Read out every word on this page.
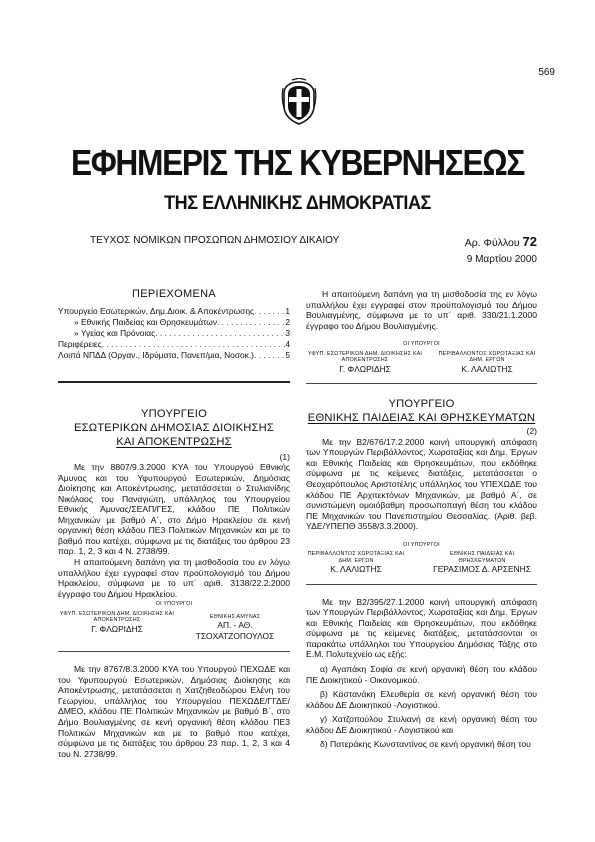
569
ΕΦΗΜΕΡΙΣ ΤΗΣ ΚΥΒΕΡΝΗΣΕΩΣ
ΤΗΣ ΕΛΛΗΝΙΚΗΣ ΔΗΜΟΚΡΑΤΙΑΣ
ΤΕΥΧΟΣ ΝΟΜΙΚΩΝ ΠΡΟΣΩΠΩΝ ΔΗΜΟΣΙΟΥ ΔΙΚΑΙΟΥ	Αρ. Φύλλου 72
9 Μαρτίου 2000

ΠΕΡΙΕΧΟΜΕΝΑ

Υπουργείο Εσωτερικών, Δημ.Διοικ. & Αποκέντρωσης . . .	1
» Εθνικής Παιδείας και Θρησκευμάτων . . .	2
» Υγείας και Πρόνοιας . . .	3
Περιφέρειες . . .	4
Λοιπά ΝΠΔΔ (Οργαν., Ιδρύματα, Πανεπ/μια, Νοσοκ.) . . .	5
ΥΠΟΥΡΓΕΙΟ
ΕΣΩΤΕΡΙΚΩΝ ΔΗΜΟΣΙΑΣ ΔΙΟΙΚΗΣΗΣ
ΚΑΙ ΑΠΟΚΕΝΤΡΩΣΗΣ

(1)

Με την 8807/9.3.2000 ΚΥΑ του Υπουργού Εθνικής Άμυνας και του Υφυπουργού Εσωτερικών, Δημόσιας Διοίκησης και Αποκέντρωσης, μετατάσσεται ο Στυλιανίδης Νικόλαος του Παναγιώτη, υπάλληλος του Υπουργείου Εθνικής Άμυνας/ΣΕΑΠ/ΓΕΣ, κλάδου ΠΕ Πολιτικών Μηχανικών με βαθμό Α΄, στο Δήμο Ηρακλείου σε κενή οργανική θέση κλάδου ΠΕ3 Πολιτικών Μηχανικών και με το βαθμό που κατέχει, σύμφωνα με τις διατάξεις του άρθρου 23 παρ. 1, 2, 3 και 4 Ν. 2738/99.

Η απαιτούμενη δαπάνη για τη μισθοδοσία του εν λόγω υπαλλήλου έχει εγγραφεί στον προϋπολογισμό του Δήμου Ηρακλείου, σύμφωνα με το υπ΄ αριθ. 3138/22.2.2000 έγγραφο του Δήμου Ηρακλείου.

ΟΙ ΥΠΟΥΡΓΟΙ

ΥΦΥΠ. ΕΣΩΤΕΡΙΚΩΝ ΔΗΜ. ΔΙΟΙΚΗΣΗΣ ΚΑΙ ΑΠΟΚΕΝΤΡΩΣΗΣ
Γ. ΦΛΩΡΙΔΗΣ
ΕΘΝΙΚΗΣ ΑΜΥΝΑΣ
ΑΠ. - ΑΘ. ΤΣΟΧΑΤΖΟΠΟΥΛΟΣ

Με την 8767/8.3.2000 ΚΥΑ του Υπουργού ΠΕΧΩΔΕ και του Υφυπουργού Εσωτερικών, Δημόσιας Διοίκησης και Αποκέντρωσης, μετατάσσεται η Χατζηθεοδώρου Ελένη του Γεωργίου, υπάλληλος του Υπουργείου ΠΕΧΩΔΕ/ΓΓΔΕ/ΔΜΕΟ, κλάδου ΠΕ Πολιτικών Μηχανικών με βαθμό Β΄, στο Δήμο Βουλιαγμένης σε κενή οργανική θέση κλάδου ΠΕ3 Πολιτικών Μηχανικών και με το βαθμό που κατέχει, σύμφωνα με τις διατάξεις του άρθρου 23 παρ. 1, 2, 3 και 4 του Ν. 2738/99.

Η απαιτούμενη δαπάνη για τη μισθοδοσία της εν λόγω υπαλλήλου έχει εγγραφεί στον προϋπολογισμό του Δήμου Βουλιαγμένης, σύμφωνα με το υπ΄ αριθ. 330/21.1.2000 έγγραφο του Δήμου Βουλιαγμένης.

ΟΙ ΥΠΟΥΡΓΟΙ

ΥΦΥΠ. ΕΣΩΤΕΡΙΚΩΝ ΔΗΜ. ΔΙΟΙΚΗΣΗΣ ΚΑΙ ΑΠΟΚΕΝΤΡΩΣΗΣ
Γ. ΦΛΩΡΙΔΗΣ
ΠΕΡΙΒΑΛΛΟΝΤΟΣ ΧΩΡΟΤΑΞΙΑΣ ΚΑΙ ΔΗΜ. ΕΡΓΩΝ
Κ. ΛΑΛΙΩΤΗΣ
ΥΠΟΥΡΓΕΙΟ
ΕΘΝΙΚΗΣ ΠΑΙΔΕΙΑΣ ΚΑΙ ΘΡΗΣΚΕΥΜΑΤΩΝ

(2)

Με την Β2/676/17.2.2000 κοινή υπουργική απόφαση των Υπουργών Περιβάλλοντος, Χωροταξίας και Δημ. Έργων και Εθνικής Παιδείας και Θρησκευμάτων, που εκδόθηκε σύμφωνα με τις κείμενες διατάξεις, μετατάσσεται ο Θεοχαρόπουλος Αριστοτέλης υπάλληλος του ΥΠΕΧΩΔΕ του κλάδου ΠΕ Αρχιτεκτόνων Μηχανικών, με βαθμό Α΄, σε συνιστώμενη ομοιόβαθμη προσωποπαγή θέση του κλάδου ΠΕ Μηχανικών του Πανεπιστημίου Θεσσαλίας. (Αριθ. βεβ. ΥΔΕ/ΥΠΕΠΘ 3558/3.3.2000).

ΟΙ ΥΠΟΥΡΓΟΙ

ΠΕΡΙΒΑΛΛΟΝΤΟΣ ΧΩΡΟΤΑΞΙΑΣ ΚΑΙ ΔΗΜ. ΕΡΓΩΝ
Κ. ΛΑΛΙΩΤΗΣ
ΕΘΝΙΚΗΣ ΠΑΙΔΕΙΑΣ ΚΑΙ ΘΡΗΣΚΕΥΜΑΤΩΝ
ΓΕΡΑΣΙΜΟΣ Δ. ΑΡΣΕΝΗΣ

Με την Β2/395/27.1.2000 κοινή υπουργική απόφαση των Υπουργών Περιβάλλοντος, Χωροταξίας και Δημ. Έργων και Εθνικής Παιδείας και Θρησκευμάτων, που εκδόθηκε σύμφωνα με τις κείμενες διατάξεις, μετατάσσονται οι παρακάτω υπάλληλοι του Υπουργείου Δημόσιας Τάξης στο Ε.Μ. Πολυτεχνείο ως εξής:

α) Αγαπάκη Σοφία σε κενή οργανική θέση του κλάδου ΠΕ Διοικητικού - Οικονομικού.

β) Καστανάκη Ελευθερία σε κενή οργανική θέση του κλάδου ΔΕ Διοικητικού -Λογιστικού.

γ) Χατζοπούλου Στυλιανή σε κενή οργανική θέση του κλάδου ΔΕ Διοικητικού - Λογιστικού και

δ) Πατεράκης Κωνσταντίνος σε κενή οργανική θέση του
